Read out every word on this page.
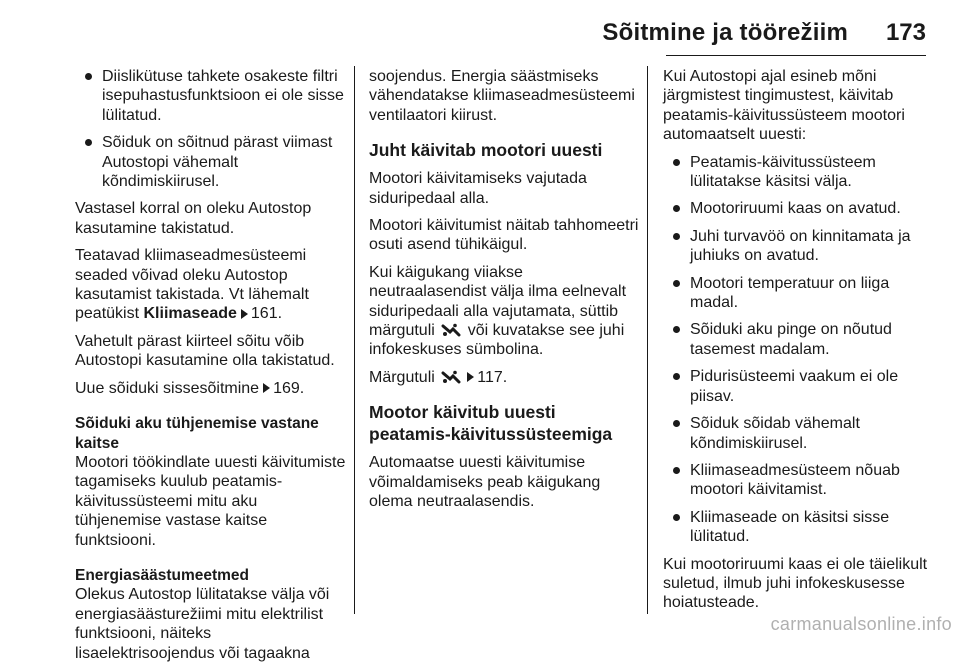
Sõitmine ja töörežiim 173
Diislikütuse tahkete osakeste filtri isepuhastusfunktsioon ei ole sisse lülitatud.
Sõiduk on sõitnud pärast viimast Autostopi vähemalt kõndimiskiirusel.

Vastasel korral on oleku Autostop kasutamine takistatud.

Teatavad kliimaseadmesüsteemi seaded võivad oleku Autostop kasutamist takistada. Vt lähemalt peatükist Kliimaseade 161.

Vahetult pärast kiirteel sõitu võib Autostopi kasutamine olla takistatud.

Uue sõiduki sissesõitmine 169.

Sõiduki aku tühjenemise vastane kaitse

Mootori töökindlate uuesti käivitumiste tagamiseks kuulub peatamis-käivitussüsteemi mitu aku tühjenemise vastase kaitse funktsiooni.

Energiasäästumeetmed

Olekus Autostop lülitatakse välja või energiasäästurežiimi mitu elektrilist funktsiooni, näiteks lisaelektrisoojendus või tagaakna

soojendus. Energia säästmiseks vähendatakse kliimaseadmesüsteemi ventilaatori kiirust.

Juht käivitab mootori uuesti

Mootori käivitamiseks vajutada siduripedaal alla.

Mootori käivitumist näitab tahhomeetri osuti asend tühikäigul.

Kui käigukang viiakse neutraalasendist välja ilma eelnevalt siduripedaali alla vajutamata, süttib märgutuli või kuvatakse see juhi infokeskuses sümbolina.

Märgutuli	117.

Mootor käivitub uuesti peatamis-käivitussüsteemiga

Automaatse uuesti käivitumise võimaldamiseks peab käigukang olema neutraalasendis.

Kui Autostopi ajal esineb mõni järgmistest tingimustest, käivitab peatamis-käivitussüsteem mootori automaatselt uuesti:

Peatamis-käivitussüsteem lülitatakse käsitsi välja.
Mootoriruumi kaas on avatud.
Juhi turvavöö on kinnitamata ja juhiuks on avatud.
Mootori temperatuur on liiga madal.
Sõiduki aku pinge on nõutud tasemest madalam.
Pidurisüsteemi vaakum ei ole piisav.
Sõiduk sõidab vähemalt kõndimiskiirusel.
Kliimaseadmesüsteem nõuab mootori käivitamist.
Kliimaseade on käsitsi sisse lülitatud.

Kui mootoriruumi kaas ei ole täielikult suletud, ilmub juhi infokeskusesse hoiatusteade.

carmanualsonline.info
